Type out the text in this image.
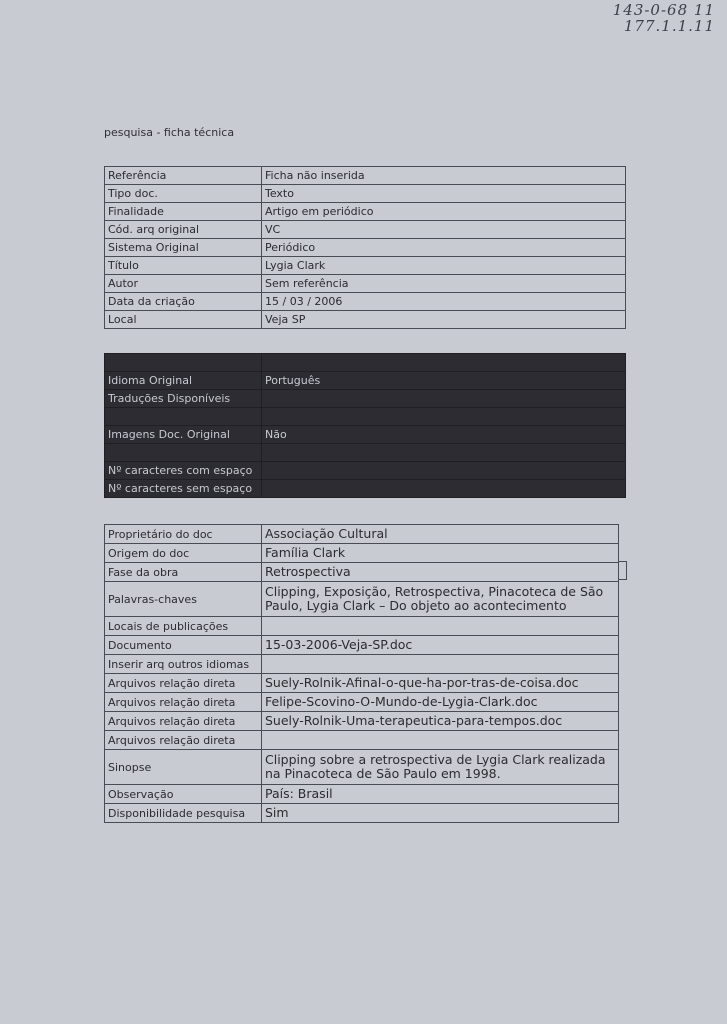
143-0-68 11
177.1.1.11
pesquisa - ficha técnica
Referência	Ficha não inserida
Tipo doc.	Texto
Finalidade	Artigo em periódico
Cód. arq original	VC
Sistema Original	Periódico
Título	Lygia Clark
Autor	Sem referência
Data da criação	15 / 03 / 2006
Local	Veja SP

Idioma Original	Português
Traduções Disponíveis	

Imagens Doc. Original	Não

Nº caracteres com espaço	
Nº caracteres sem espaço	
Proprietário do doc	Associação Cultural
Origem do doc	Família Clark
Fase da obra	Retrospectiva
Palavras-chaves	Clipping, Exposição, Retrospectiva, Pinacoteca de São Paulo, Lygia Clark – Do objeto ao acontecimento
Locais de publicações	
Documento	15-03-2006-Veja-SP.doc
Inserir arq outros idiomas	
Arquivos relação direta	Suely-Rolnik-Afinal-o-que-ha-por-tras-de-coisa.doc
Arquivos relação direta	Felipe-Scovino-O-Mundo-de-Lygia-Clark.doc
Arquivos relação direta	Suely-Rolnik-Uma-terapeutica-para-tempos.doc
Arquivos relação direta	
Sinopse	Clipping sobre a retrospectiva de Lygia Clark realizada na Pinacoteca de São Paulo em 1998.
Observação	País: Brasil
Disponibilidade pesquisa	Sim
